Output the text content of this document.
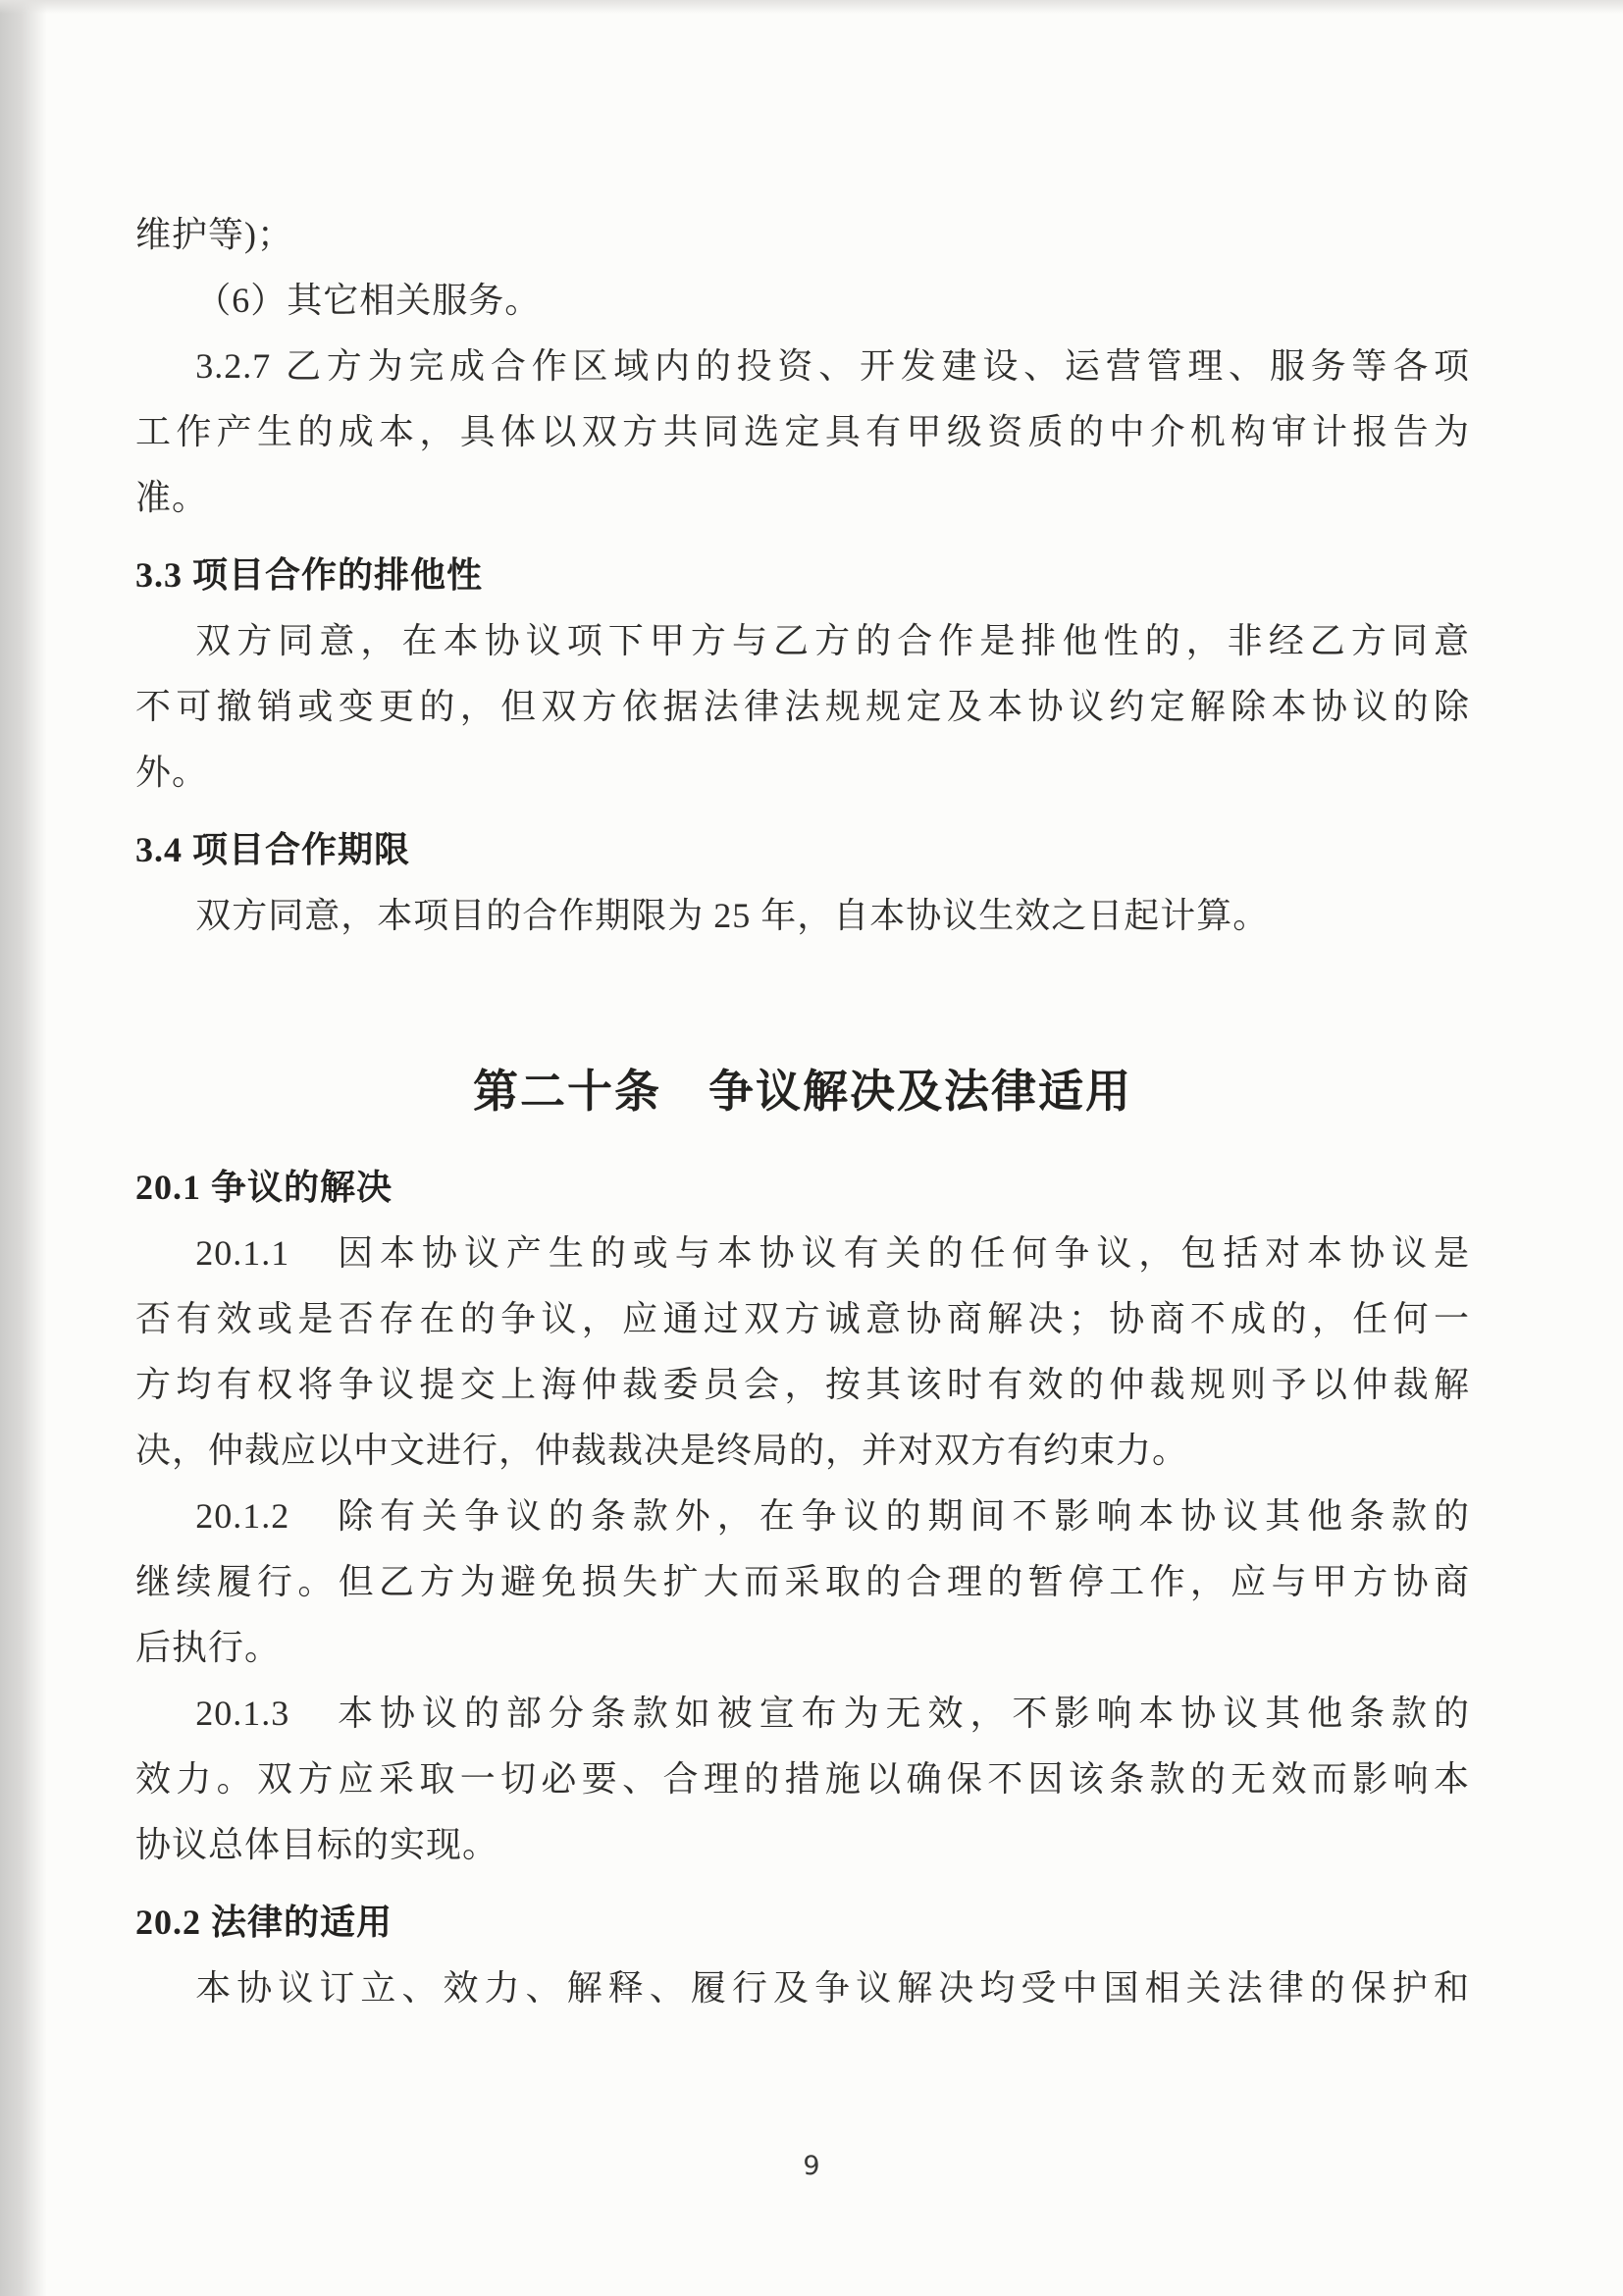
维护等)；
（6）其它相关服务。
3.2.7 乙方为完成合作区域内的投资、开发建设、运营管理、服务等各项
工作产生的成本，具体以双方共同选定具有甲级资质的中介机构审计报告为
准。
3.3 项目合作的排他性
双方同意，在本协议项下甲方与乙方的合作是排他性的，非经乙方同意
不可撤销或变更的，但双方依据法律法规规定及本协议约定解除本协议的除
外。
3.4 项目合作期限
双方同意，本项目的合作期限为 25 年，自本协议生效之日起计算。
第二十条　争议解决及法律适用
20.1 争议的解决
20.1.1　因本协议产生的或与本协议有关的任何争议，包括对本协议是
否有效或是否存在的争议，应通过双方诚意协商解决；协商不成的，任何一
方均有权将争议提交上海仲裁委员会，按其该时有效的仲裁规则予以仲裁解
决，仲裁应以中文进行，仲裁裁决是终局的，并对双方有约束力。
20.1.2　除有关争议的条款外，在争议的期间不影响本协议其他条款的
继续履行。但乙方为避免损失扩大而采取的合理的暂停工作，应与甲方协商
后执行。
20.1.3　本协议的部分条款如被宣布为无效，不影响本协议其他条款的
效力。双方应采取一切必要、合理的措施以确保不因该条款的无效而影响本
协议总体目标的实现。
20.2 法律的适用
本协议订立、效力、解释、履行及争议解决均受中国相关法律的保护和
9
